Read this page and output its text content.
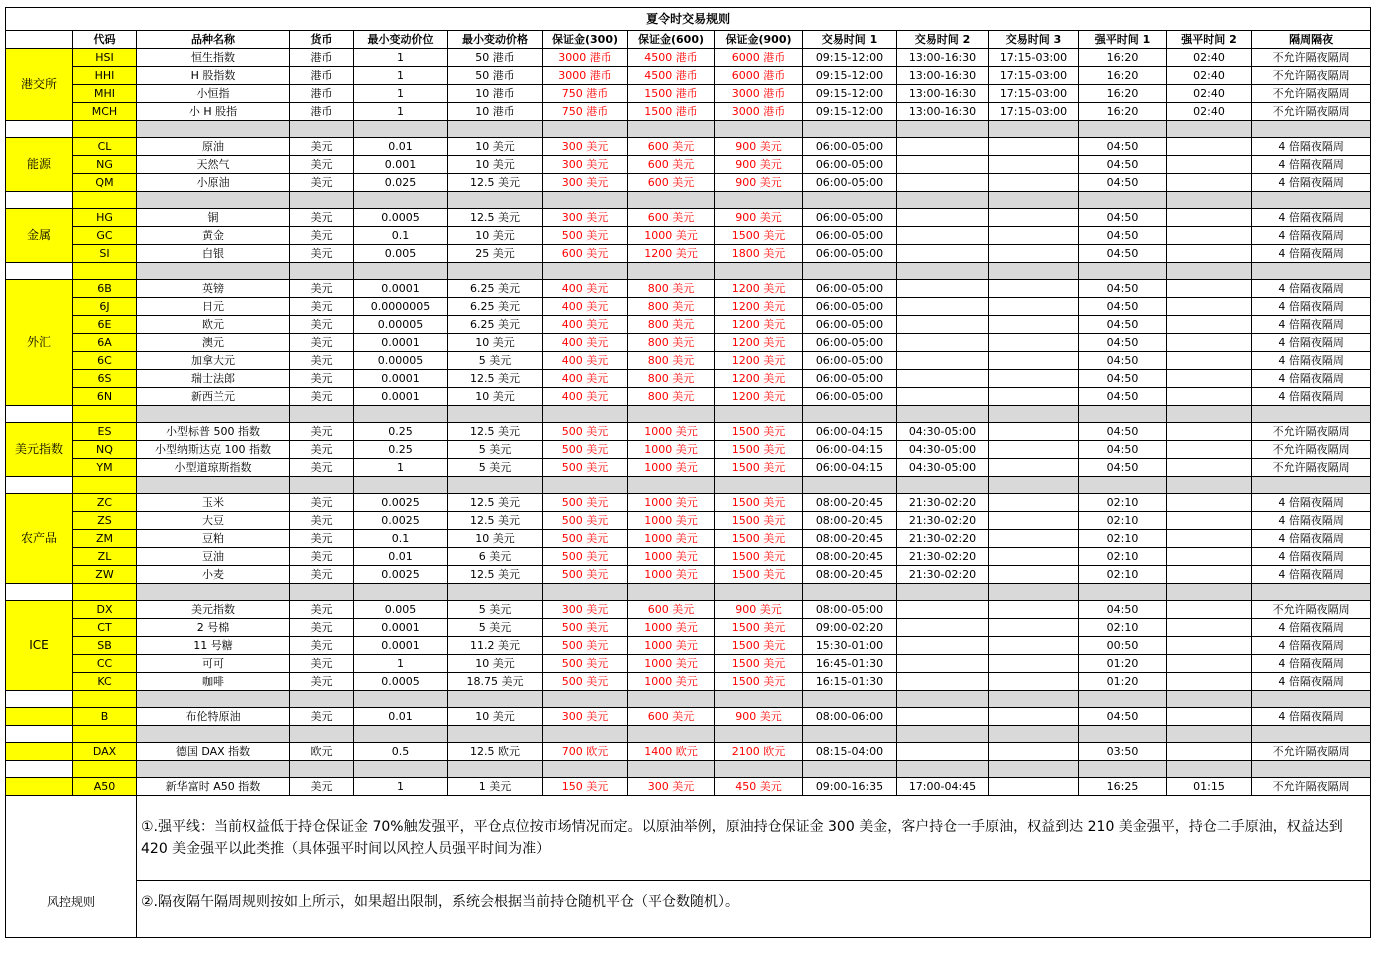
夏令时交易规则														
	代码	品种名称	货币	最小变动价位	最小变动价格	保证金(300)	保证金(600)	保证金(900)	交易时间 1	交易时间 2	交易时间 3	强平时间 1	强平时间 2	隔周隔夜
港交所	HSI	恒生指数	港币	1	50 港币	3000 港币	4500 港币	6000 港币	09:15-12:00	13:00-16:30	17:15-03:00	16:20	02:40	不允许隔夜隔周
	HHI	H 股指数	港币	1	50 港币	3000 港币	4500 港币	6000 港币	09:15-12:00	13:00-16:30	17:15-03:00	16:20	02:40	不允许隔夜隔周
	MHI	小恒指	港币	1	10 港币	750 港币	1500 港币	3000 港币	09:15-12:00	13:00-16:30	17:15-03:00	16:20	02:40	不允许隔夜隔周
	MCH	小 H 股指	港币	1	10 港币	750 港币	1500 港币	3000 港币	09:15-12:00	13:00-16:30	17:15-03:00	16:20	02:40	不允许隔夜隔周

能源	CL	原油	美元	0.01	10 美元	300 美元	600 美元	900 美元	06:00-05:00			04:50		4 倍隔夜隔周
	NG	天然气	美元	0.001	10 美元	300 美元	600 美元	900 美元	06:00-05:00			04:50		4 倍隔夜隔周
	QM	小原油	美元	0.025	12.5 美元	300 美元	600 美元	900 美元	06:00-05:00			04:50		4 倍隔夜隔周

金属	HG	铜	美元	0.0005	12.5 美元	300 美元	600 美元	900 美元	06:00-05:00			04:50		4 倍隔夜隔周
	GC	黄金	美元	0.1	10 美元	500 美元	1000 美元	1500 美元	06:00-05:00			04:50		4 倍隔夜隔周
	SI	白银	美元	0.005	25 美元	600 美元	1200 美元	1800 美元	06:00-05:00			04:50		4 倍隔夜隔周

外汇	6B	英镑	美元	0.0001	6.25 美元	400 美元	800 美元	1200 美元	06:00-05:00			04:50		4 倍隔夜隔周
	6J	日元	美元	0.0000005	6.25 美元	400 美元	800 美元	1200 美元	06:00-05:00			04:50		4 倍隔夜隔周
	6E	欧元	美元	0.00005	6.25 美元	400 美元	800 美元	1200 美元	06:00-05:00			04:50		4 倍隔夜隔周
	6A	澳元	美元	0.0001	10 美元	400 美元	800 美元	1200 美元	06:00-05:00			04:50		4 倍隔夜隔周
	6C	加拿大元	美元	0.00005	5 美元	400 美元	800 美元	1200 美元	06:00-05:00			04:50		4 倍隔夜隔周
	6S	瑞士法郎	美元	0.0001	12.5 美元	400 美元	800 美元	1200 美元	06:00-05:00			04:50		4 倍隔夜隔周
	6N	新西兰元	美元	0.0001	10 美元	400 美元	800 美元	1200 美元	06:00-05:00			04:50		4 倍隔夜隔周

美元指数	ES	小型标普 500 指数	美元	0.25	12.5 美元	500 美元	1000 美元	1500 美元	06:00-04:15	04:30-05:00		04:50		不允许隔夜隔周
	NQ	小型纳斯达克 100 指数	美元	0.25	5 美元	500 美元	1000 美元	1500 美元	06:00-04:15	04:30-05:00		04:50		不允许隔夜隔周
	YM	小型道琼斯指数	美元	1	5 美元	500 美元	1000 美元	1500 美元	06:00-04:15	04:30-05:00		04:50		不允许隔夜隔周

农产品	ZC	玉米	美元	0.0025	12.5 美元	500 美元	1000 美元	1500 美元	08:00-20:45	21:30-02:20		02:10		4 倍隔夜隔周
	ZS	大豆	美元	0.0025	12.5 美元	500 美元	1000 美元	1500 美元	08:00-20:45	21:30-02:20		02:10		4 倍隔夜隔周
	ZM	豆粕	美元	0.1	10 美元	500 美元	1000 美元	1500 美元	08:00-20:45	21:30-02:20		02:10		4 倍隔夜隔周
	ZL	豆油	美元	0.01	6 美元	500 美元	1000 美元	1500 美元	08:00-20:45	21:30-02:20		02:10		4 倍隔夜隔周
	ZW	小麦	美元	0.0025	12.5 美元	500 美元	1000 美元	1500 美元	08:00-20:45	21:30-02:20		02:10		4 倍隔夜隔周

ICE	DX	美元指数	美元	0.005	5 美元	300 美元	600 美元	900 美元	08:00-05:00			04:50		不允许隔夜隔周
	CT	2 号棉	美元	0.0001	5 美元	500 美元	1000 美元	1500 美元	09:00-02:20			02:10		4 倍隔夜隔周
	SB	11 号糖	美元	0.0001	11.2 美元	500 美元	1000 美元	1500 美元	15:30-01:00			00:50		4 倍隔夜隔周
	CC	可可	美元	1	10 美元	500 美元	1000 美元	1500 美元	16:45-01:30			01:20		4 倍隔夜隔周
	KC	咖啡	美元	0.0005	18.75 美元	500 美元	1000 美元	1500 美元	16:15-01:30			01:20		4 倍隔夜隔周

	B	布伦特原油	美元	0.01	10 美元	300 美元	600 美元	900 美元	08:00-06:00			04:50		4 倍隔夜隔周

	DAX	德国 DAX 指数	欧元	0.5	12.5 欧元	700 欧元	1400 欧元	2100 欧元	08:15-04:00			03:50		不允许隔夜隔周

	A50	新华富时 A50 指数	美元	1	1 美元	150 美元	300 美元	450 美元	09:00-16:35	17:00-04:45		16:25	01:15	不允许隔夜隔周
风控规则		①.强平线：当前权益低于持仓保证金 70%触发强平，平仓点位按市场情况而定。以原油举例，原油持仓保证金 300 美金，客户持仓一手原油，权益到达 210 美金强平，持仓二手原油，权益达到 420 美金强平以此类推（具体强平时间以风控人员强平时间为准）												
		②.隔夜隔午隔周规则按如上所示，如果超出限制，系统会根据当前持仓随机平仓（平仓数随机）。												
